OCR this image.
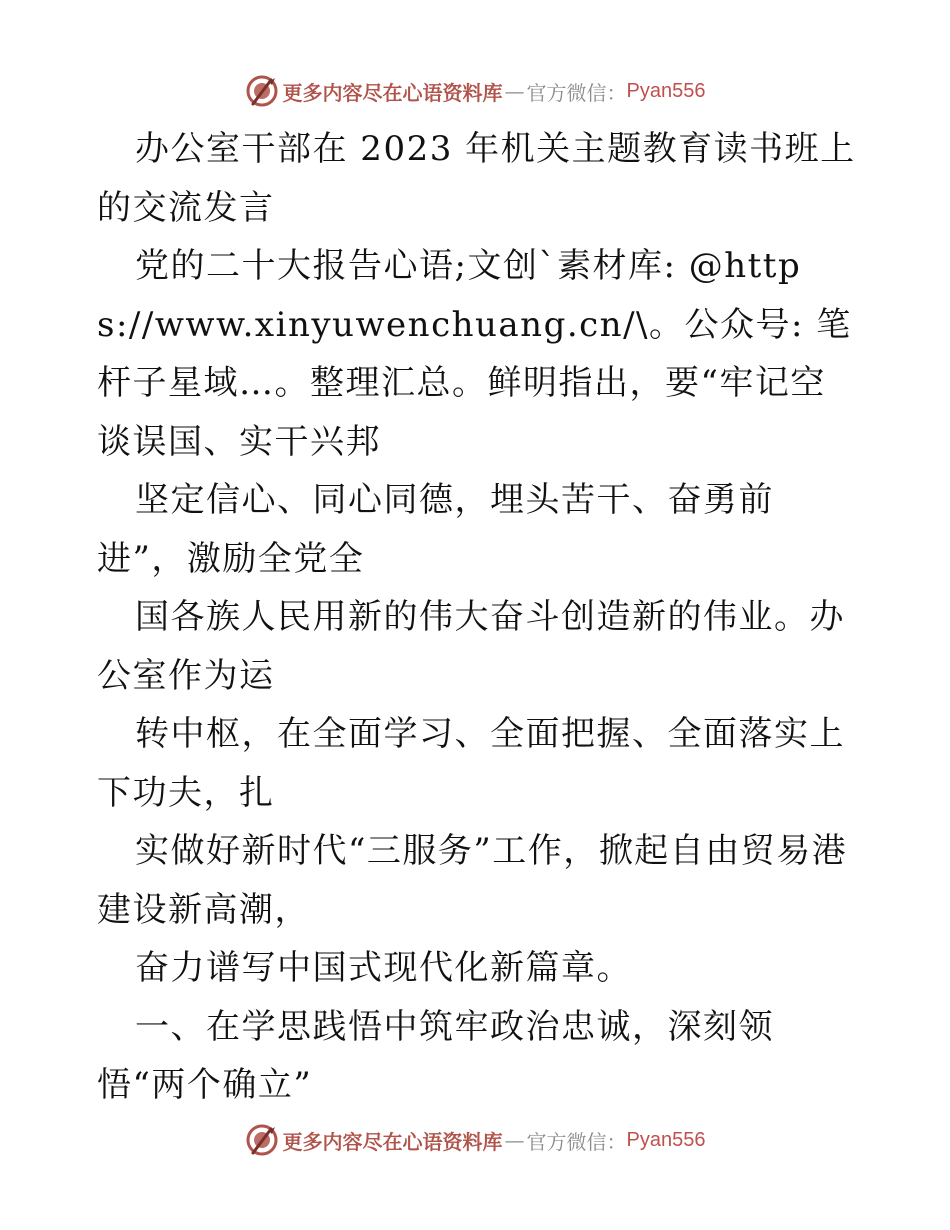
更多内容尽在心语资料库 — 官方微信： Pyan556

办公室干部在 2023 年机关主题教育读书班上的交流发言

党的二十大报告心语;文创`素材库: @https://www.xinyuwenchuang.cn/\。公众号: 笔杆子星域…。整理汇总。鲜明指出，要“牢记空谈误国、实干兴邦

坚定信心、同心同德，埋头苦干、奋勇前进”，激励全党全

国各族人民用新的伟大奋斗创造新的伟业。办公室作为运

转中枢，在全面学习、全面把握、全面落实上下功夫，扎

实做好新时代“三服务”工作，掀起自由贸易港建设新高潮，

奋力谱写中国式现代化新篇章。

一、在学思践悟中筑牢政治忠诚，深刻领悟“两个确立”

更多内容尽在心语资料库 — 官方微信： Pyan556
